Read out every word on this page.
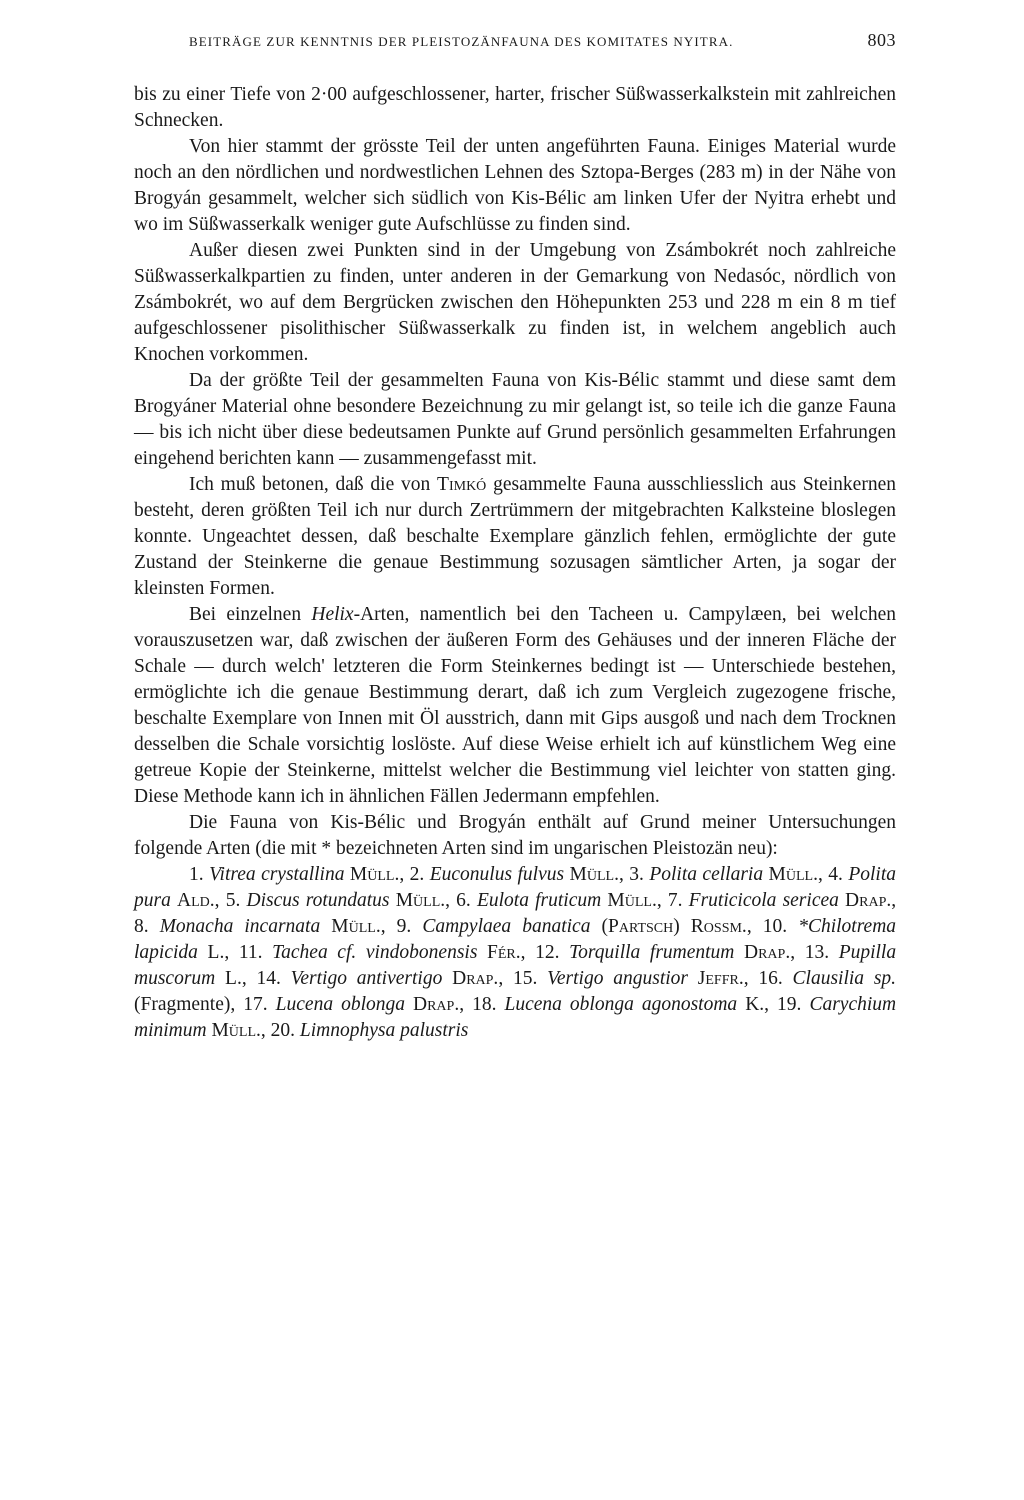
BEITRÄGE ZUR KENNTNIS DER PLEISTOZÄNFAUNA DES KOMITATES NYITRA.	803

bis zu einer Tiefe von 2·00 aufgeschlossener, harter, frischer Süßwasserkalkstein mit zahlreichen Schnecken.

Von hier stammt der grösste Teil der unten angeführten Fauna. Einiges Material wurde noch an den nördlichen und nordwestlichen Lehnen des Sztopa-Berges (283 m) in der Nähe von Brogyán gesammelt, welcher sich südlich von Kis-Bélic am linken Ufer der Nyitra erhebt und wo im Süßwasserkalk weniger gute Aufschlüsse zu finden sind.

Außer diesen zwei Punkten sind in der Umgebung von Zsámbokrét noch zahlreiche Süßwasserkalkpartien zu finden, unter anderen in der Gemarkung von Nedasóc, nördlich von Zsámbokrét, wo auf dem Bergrücken zwischen den Höhepunkten 253 und 228 m ein 8 m tief aufgeschlossener pisolithischer Süßwasserkalk zu finden ist, in welchem angeblich auch Knochen vorkommen.

Da der größte Teil der gesammelten Fauna von Kis-Bélic stammt und diese samt dem Brogyáner Material ohne besondere Bezeichnung zu mir gelangt ist, so teile ich die ganze Fauna — bis ich nicht über diese bedeutsamen Punkte auf Grund persönlich gesammelten Erfahrungen eingehend berichten kann — zusammengefasst mit.

Ich muß betonen, daß die von Timkó gesammelte Fauna ausschliesslich aus Steinkernen besteht, deren größten Teil ich nur durch Zertrümmern der mitgebrachten Kalksteine bloslegen konnte. Ungeachtet dessen, daß beschalte Exemplare gänzlich fehlen, ermöglichte der gute Zustand der Steinkerne die genaue Bestimmung sozusagen sämtlicher Arten, ja sogar der kleinsten Formen.

Bei einzelnen Helix-Arten, namentlich bei den Tacheen u. Campylæen, bei welchen vorauszusetzen war, daß zwischen der äußeren Form des Gehäuses und der inneren Fläche der Schale — durch welch' letzteren die Form Steinkernes bedingt ist — Unterschiede bestehen, ermöglichte ich die genaue Bestimmung derart, daß ich zum Vergleich zugezogene frische, beschalte Exemplare von Innen mit Öl ausstrich, dann mit Gips ausgoß und nach dem Trocknen desselben die Schale vorsichtig loslöste. Auf diese Weise erhielt ich auf künstlichem Weg eine getreue Kopie der Steinkerne, mittelst welcher die Bestimmung viel leichter von statten ging. Diese Methode kann ich in ähnlichen Fällen Jedermann empfehlen.

Die Fauna von Kis-Bélic und Brogyán enthält auf Grund meiner Untersuchungen folgende Arten (die mit * bezeichneten Arten sind im ungarischen Pleistozän neu):

1. Vitrea crystallina Müll., 2. Euconulus fulvus Müll., 3. Polita cellaria Müll., 4. Polita pura Ald., 5. Discus rotundatus Müll., 6. Eulota fruticum Müll., 7. Fruticicola sericea Drap., 8. Monacha incarnata Müll., 9. Campylaea banatica (Partsch) Rossm., 10. *Chilotrema lapicida L., 11. Tachea cf. vindobonensis Fér., 12. Torquilla frumentum Drap., 13. Pupilla muscorum L., 14. Vertigo antivertigo Drap., 15. Vertigo angustior Jeffr., 16. Clausilia sp. (Fragmente), 17. Lucena oblonga Drap., 18. Lucena oblonga agonostoma K., 19. Carychium minimum Müll., 20. Limnophysa palustris
